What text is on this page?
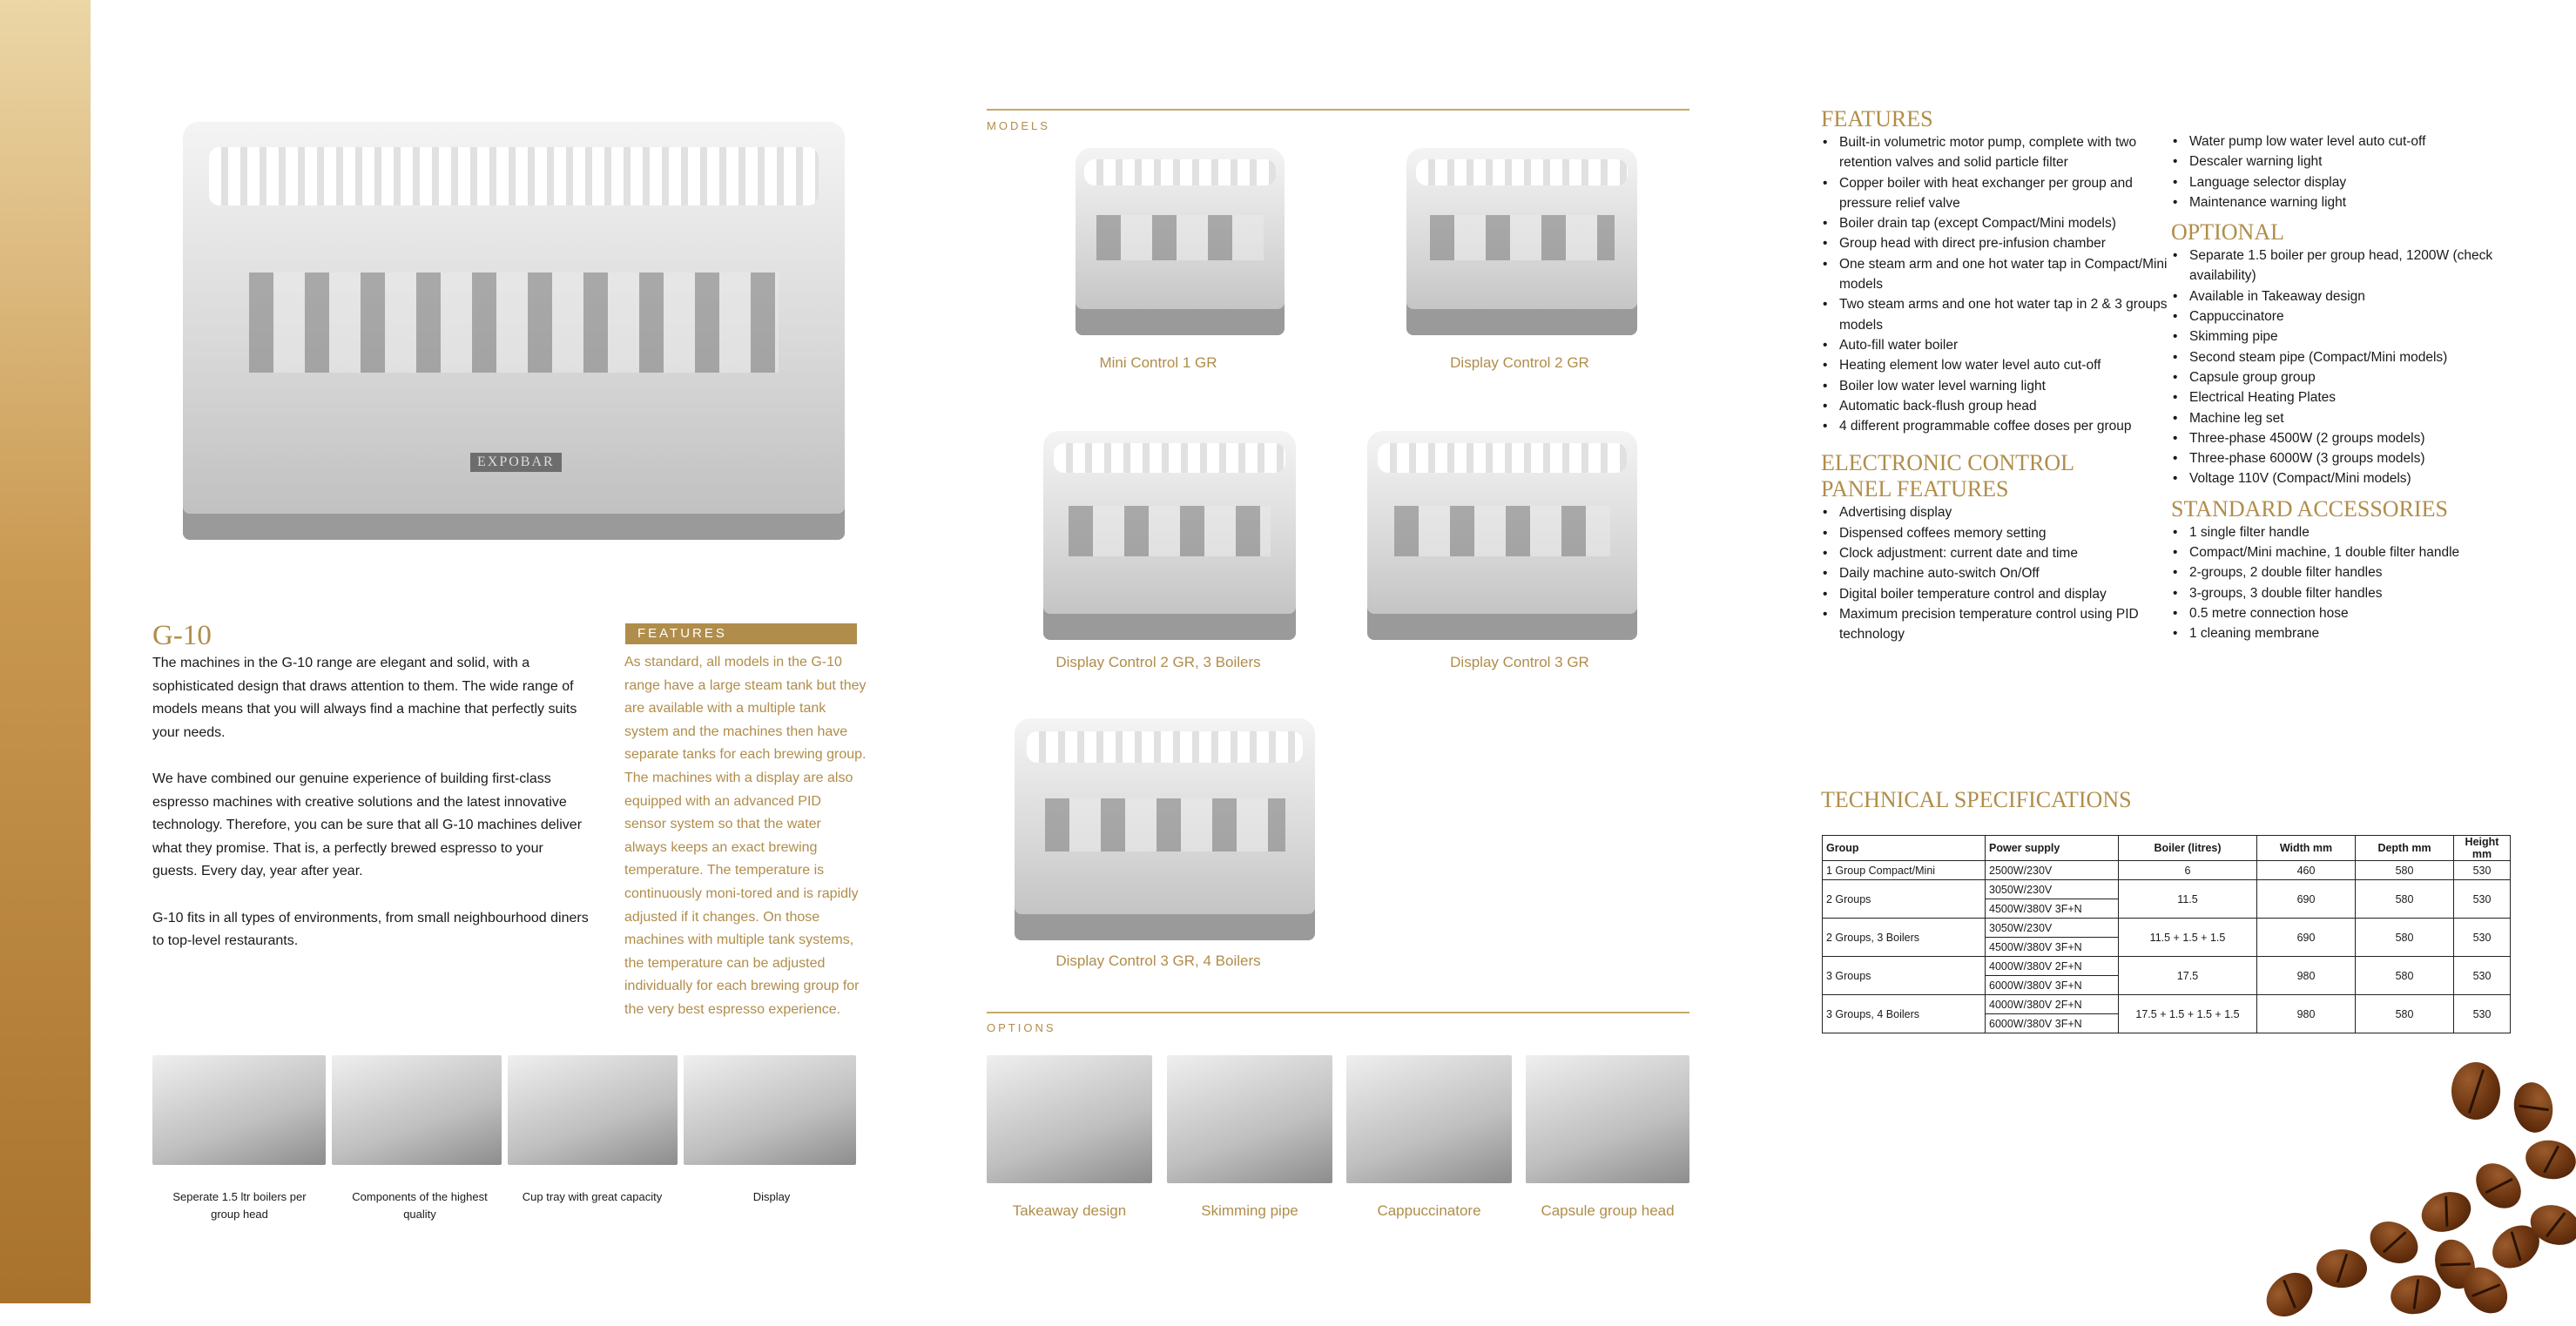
EXPOBAR
G-10

The machines in the G-10 range are elegant and solid, with a sophisticated design that draws attention to them. The wide range of models means that you will always find a machine that perfectly suits your needs.

We have combined our genuine experience of building first-class espresso machines with creative solutions and the latest innovative technology. Therefore, you can be sure that all G-10 machines deliver what they promise. That is, a perfectly brewed espresso to your guests. Every day, year after year.

G-10 fits in all types of environments, from small neighbourhood diners to top-level restaurants.

FEATURES
As standard, all models in the G-10 range have a large steam tank but they are available with a multiple tank system and the machines then have separate tanks for each brewing group. The machines with a display are also equipped with an advanced PID sensor system so that the water always keeps an exact brewing temperature. The temperature is continuously moni-tored and is rapidly adjusted if it changes. On those machines with multiple tank systems, the temperature can be adjusted individually for each brewing group for the very best espresso experience.
Seperate 1.5 ltr boilers per group head
Components of the highest quality
Cup tray with great capacity	Display
MODELS
Mini Control 1 GR	Display Control 2 GR
Display Control 2 GR, 3 Boilers	Display Control 3 GR
Display Control 3 GR, 4 Boilers
OPTIONS
Takeaway design	Skimming pipe	Cappuccinatore	Capsule group head
FEATURES
• Built-in volumetric motor pump, complete with two retention valves and solid particle filter
• Copper boiler with heat exchanger per group and pressure relief valve
• Boiler drain tap (except Compact/Mini models)
• Group head with direct pre-infusion chamber
• One steam arm and one hot water tap in Compact/Mini models
• Two steam arms and one hot water tap in 2 & 3 groups models
• Auto-fill water boiler
• Heating element low water level auto cut-off
• Boiler low water level warning light
• Automatic back-flush group head
• 4 different programmable coffee doses per group
ELECTRONIC CONTROL
PANEL FEATURES
• Advertising display
• Dispensed coffees memory setting
• Clock adjustment: current date and time
• Daily machine auto-switch On/Off
• Digital boiler temperature control and display
• Maximum precision temperature control using PID technology
• Water pump low water level auto cut-off
• Descaler warning light
• Language selector display
• Maintenance warning light
OPTIONAL
• Separate 1.5 boiler per group head, 1200W (check availability)
• Available in Takeaway design
• Cappuccinatore
• Skimming pipe
• Second steam pipe (Compact/Mini models)
• Capsule group group
• Electrical Heating Plates
• Machine leg set
• Three-phase 4500W (2 groups models)
• Three-phase 6000W (3 groups models)
• Voltage 110V (Compact/Mini models)
STANDARD ACCESSORIES
• 1 single filter handle
• Compact/Mini machine, 1 double filter handle
• 2-groups, 2 double filter handles
• 3-groups, 3 double filter handles
• 0.5 metre connection hose
• 1 cleaning membrane
TECHNICAL SPECIFICATIONS
Group	Power supply	Boiler (litres)	Width mm	Depth mm	Height mm
1 Group Compact/Mini	2500W/230V	6	460	580	530
2 Groups	3050W/230V	11.5	690	580	530
	4500W/380V 3F+N				
2 Groups, 3 Boilers	3050W/230V	11.5 + 1.5 + 1.5	690	580	530
	4500W/380V 3F+N				
3 Groups	4000W/380V 2F+N	17.5	980	580	530
	6000W/380V 3F+N				
3 Groups, 4 Boilers	4000W/380V 2F+N	17.5 + 1.5 + 1.5 + 1.5	980	580	530
	6000W/380V 3F+N				
